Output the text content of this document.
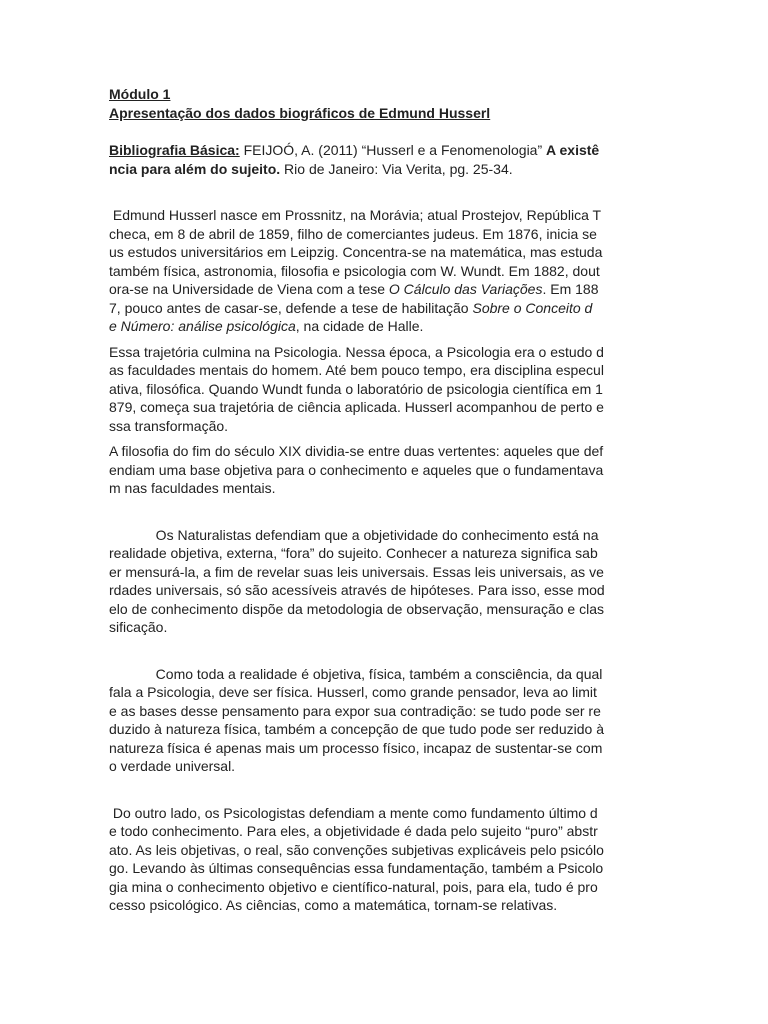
Módulo 1
Apresentação dos dados biográficos de Edmund Husserl
Bibliografia Básica: FEIJOÓ, A. (2011) “Husserl e a Fenomenologia” A existê
ncia para além do sujeito. Rio de Janeiro: Via Verita, pg. 25-34.
Edmund Husserl nasce em Prossnitz, na Morávia; atual Prostejov, República T
checa, em 8 de abril de 1859, filho de comerciantes judeus. Em 1876, inicia se
us estudos universitários em Leipzig. Concentra-se na matemática, mas estuda
também física, astronomia, filosofia e psicologia com W. Wundt. Em 1882, dout
ora-se na Universidade de Viena com a tese O Cálculo das Variações. Em 188
7, pouco antes de casar-se, defende a tese de habilitação Sobre o Conceito d
e Número: análise psicológica, na cidade de Halle.
Essa trajetória culmina na Psicologia. Nessa época, a Psicologia era o estudo d
as faculdades mentais do homem. Até bem pouco tempo, era disciplina especul
ativa, filosófica. Quando Wundt funda o laboratório de psicologia científica em 1
879, começa sua trajetória de ciência aplicada. Husserl acompanhou de perto e
ssa transformação.
A filosofia do fim do século XIX dividia-se entre duas vertentes: aqueles que def
endiam uma base objetiva para o conhecimento e aqueles que o fundamentava
m nas faculdades mentais.
Os Naturalistas defendiam que a objetividade do conhecimento está na
realidade objetiva, externa, “fora” do sujeito. Conhecer a natureza significa sab
er mensurá-la, a fim de revelar suas leis universais. Essas leis universais, as ve
rdades universais, só são acessíveis através de hipóteses. Para isso, esse mod
elo de conhecimento dispõe da metodologia de observação, mensuração e clas
sificação.
Como toda a realidade é objetiva, física, também a consciência, da qual
fala a Psicologia, deve ser física. Husserl, como grande pensador, leva ao limit
e as bases desse pensamento para expor sua contradição: se tudo pode ser re
duzido à natureza física, também a concepção de que tudo pode ser reduzido à
natureza física é apenas mais um processo físico, incapaz de sustentar-se com
o verdade universal.
Do outro lado, os Psicologistas defendiam a mente como fundamento último d
e todo conhecimento. Para eles, a objetividade é dada pelo sujeito “puro” abstr
ato. As leis objetivas, o real, são convenções subjetivas explicáveis pelo psicólo
go. Levando às últimas consequências essa fundamentação, também a Psicolo
gia mina o conhecimento objetivo e científico-natural, pois, para ela, tudo é pro
cesso psicológico. As ciências, como a matemática, tornam-se relativas.
